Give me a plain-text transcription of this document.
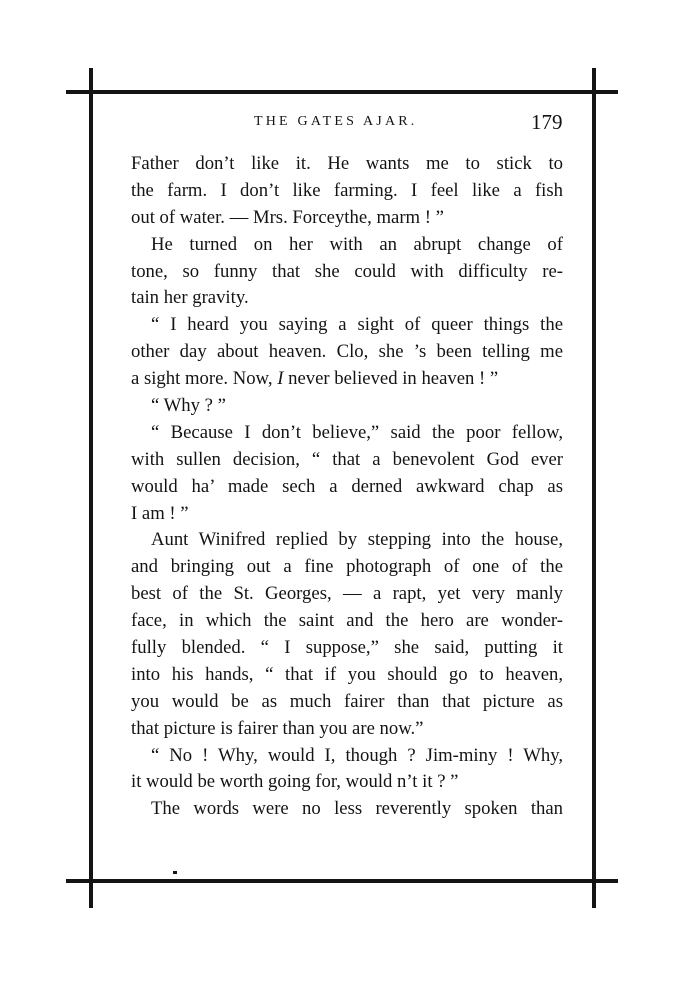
THE GATES AJAR.	179
Father don’t like it. He wants me to stick to
the farm. I don’t like farming. I feel like a fish
out of water. — Mrs. Forceythe, marm ! ”
He turned on her with an abrupt change of
tone, so funny that she could with difficulty re-
tain her gravity.
“ I heard you saying a sight of queer things the
other day about heaven. Clo, she ’s been telling me
a sight more. Now, I never believed in heaven ! ”
“ Why ? ”
“ Because I don’t believe,” said the poor fellow,
with sullen decision, “ that a benevolent God ever
would ha’ made sech a derned awkward chap as
I am ! ”
Aunt Winifred replied by stepping into the house,
and bringing out a fine photograph of one of the
best of the St. Georges, — a rapt, yet very manly
face, in which the saint and the hero are wonder-
fully blended. “ I suppose,” she said, putting it
into his hands, “ that if you should go to heaven,
you would be as much fairer than that picture as
that picture is fairer than you are now.”
“ No ! Why, would I, though ? Jim-miny ! Why,
it would be worth going for, would n’t it ? ”
The words were no less reverently spoken than
